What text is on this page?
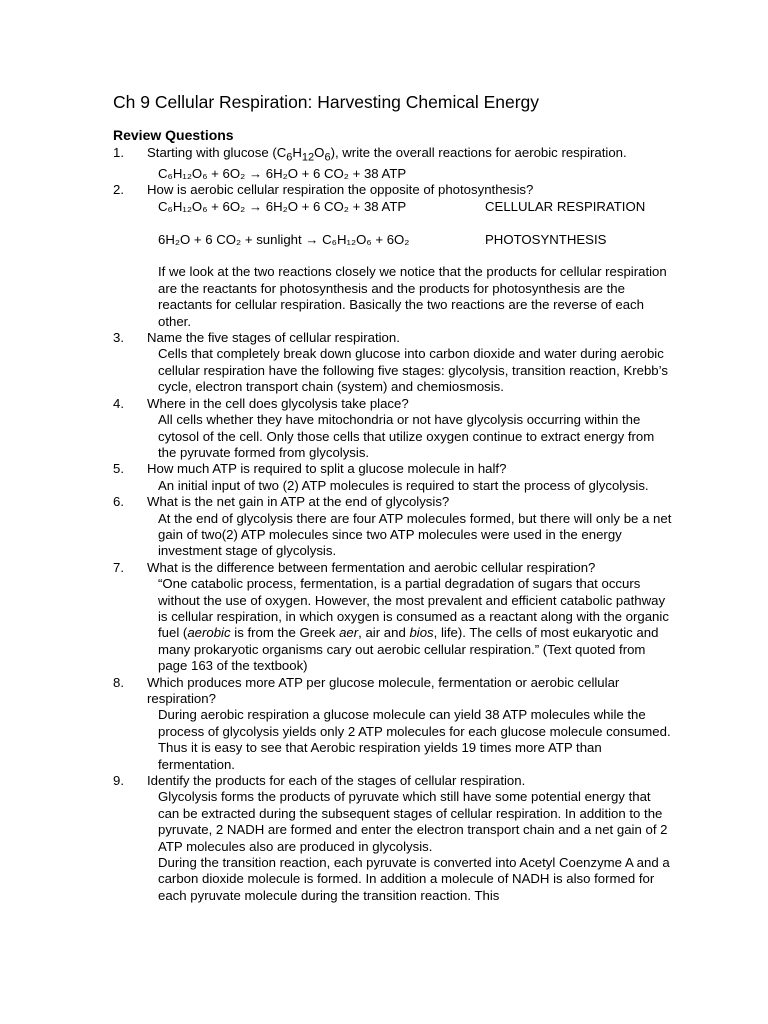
Ch 9 Cellular Respiration: Harvesting Chemical Energy
Review Questions
1. Starting with glucose $(C_6H_{12}O_6)$, write the overall reactions for aerobic respiration.
C₆H₁₂O₆ + 6O₂ → 6H₂O + 6 CO₂ + 38 ATP
2. How is aerobic cellular respiration the opposite of photosynthesis?
C₆H₁₂O₆ + 6O₂ → 6H₂O + 6 CO₂ + 38 ATP	CELLULAR RESPIRATION
6H₂O + 6 CO₂ + sunlight → C₆H₁₂O₆ + 6O₂	PHOTOSYNTHESIS
If we look at the two reactions closely we notice that the products for cellular respiration are the reactants for photosynthesis and the products for photosynthesis are the reactants for cellular respiration. Basically the two reactions are the reverse of each other.
3. Name the five stages of cellular respiration.
Cells that completely break down glucose into carbon dioxide and water during aerobic cellular respiration have the following five stages: glycolysis, transition reaction, Krebb’s cycle, electron transport chain (system) and chemiosmosis.
4. Where in the cell does glycolysis take place?
All cells whether they have mitochondria or not have glycolysis occurring within the cytosol of the cell. Only those cells that utilize oxygen continue to extract energy from the pyruvate formed from glycolysis.
5. How much ATP is required to split a glucose molecule in half?
An initial input of two (2) ATP molecules is required to start the process of glycolysis.
6. What is the net gain in ATP at the end of glycolysis?
At the end of glycolysis there are four ATP molecules formed, but there will only be a net gain of two(2) ATP molecules since two ATP molecules were used in the energy investment stage of glycolysis.
7. What is the difference between fermentation and aerobic cellular respiration?
“One catabolic process, fermentation, is a partial degradation of sugars that occurs without the use of oxygen. However, the most prevalent and efficient catabolic pathway is cellular respiration, in which oxygen is consumed as a reactant along with the organic fuel (aerobic is from the Greek aer, air and bios, life). The cells of most eukaryotic and many prokaryotic organisms cary out aerobic cellular respiration.” (Text quoted from page 163 of the textbook)
8. Which produces more ATP per glucose molecule, fermentation or aerobic cellular respiration?
During aerobic respiration a glucose molecule can yield 38 ATP molecules while the process of glycolysis yields only 2 ATP molecules for each glucose molecule consumed. Thus it is easy to see that Aerobic respiration yields 19 times more ATP than fermentation.
9. Identify the products for each of the stages of cellular respiration.
Glycolysis forms the products of pyruvate which still have some potential energy that can be extracted during the subsequent stages of cellular respiration. In addition to the pyruvate, 2 NADH are formed and enter the electron transport chain and a net gain of 2 ATP molecules also are produced in glycolysis.
During the transition reaction, each pyruvate is converted into Acetyl Coenzyme A and a carbon dioxide molecule is formed. In addition a molecule of NADH is also formed for each pyruvate molecule during the transition reaction. This
